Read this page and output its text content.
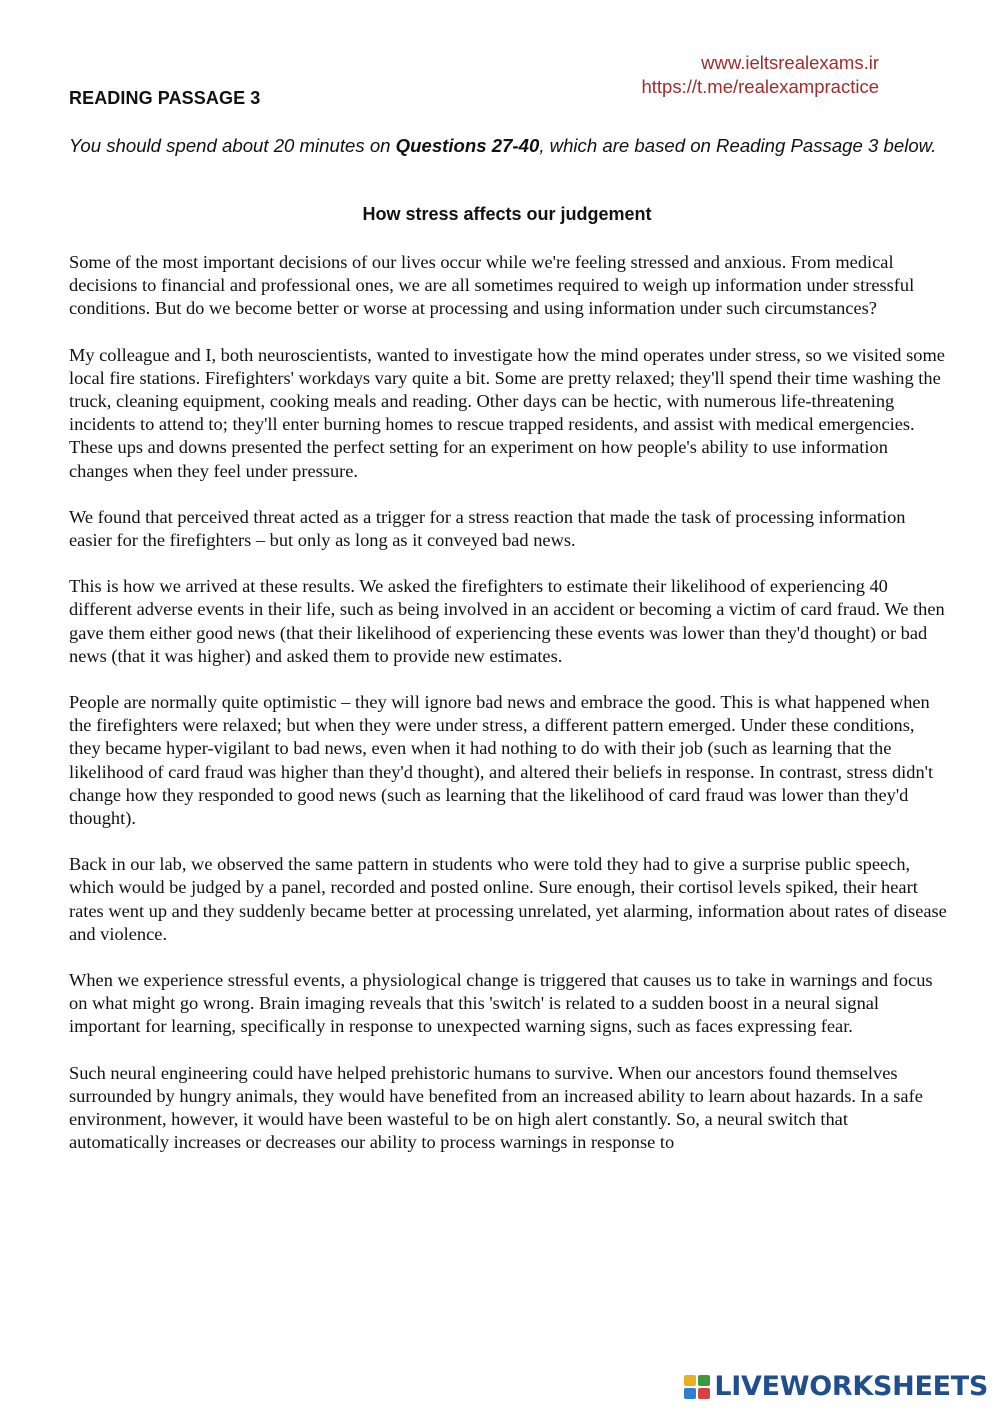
www.ieltsrealexams.ir
https://t.me/realexampractice
READING PASSAGE 3

You should spend about 20 minutes on Questions 27-40, which are based on Reading Passage 3 below.

How stress affects our judgement

Some of the most important decisions of our lives occur while we're feeling stressed and anxious. From medical decisions to financial and professional ones, we are all sometimes required to weigh up information under stressful conditions. But do we become better or worse at processing and using information under such circumstances?

My colleague and I, both neuroscientists, wanted to investigate how the mind operates under stress, so we visited some local fire stations. Firefighters' workdays vary quite a bit. Some are pretty relaxed; they'll spend their time washing the truck, cleaning equipment, cooking meals and reading. Other days can be hectic, with numerous life-threatening incidents to attend to; they'll enter burning homes to rescue trapped residents, and assist with medical emergencies. These ups and downs presented the perfect setting for an experiment on how people's ability to use information changes when they feel under pressure.

We found that perceived threat acted as a trigger for a stress reaction that made the task of processing information easier for the firefighters – but only as long as it conveyed bad news.

This is how we arrived at these results. We asked the firefighters to estimate their likelihood of experiencing 40 different adverse events in their life, such as being involved in an accident or becoming a victim of card fraud. We then gave them either good news (that their likelihood of experiencing these events was lower than they'd thought) or bad news (that it was higher) and asked them to provide new estimates.

People are normally quite optimistic – they will ignore bad news and embrace the good. This is what happened when the firefighters were relaxed; but when they were under stress, a different pattern emerged. Under these conditions, they became hyper-vigilant to bad news, even when it had nothing to do with their job (such as learning that the likelihood of card fraud was higher than they'd thought), and altered their beliefs in response. In contrast, stress didn't change how they responded to good news (such as learning that the likelihood of card fraud was lower than they'd thought).

Back in our lab, we observed the same pattern in students who were told they had to give a surprise public speech, which would be judged by a panel, recorded and posted online. Sure enough, their cortisol levels spiked, their heart rates went up and they suddenly became better at processing unrelated, yet alarming, information about rates of disease and violence.

When we experience stressful events, a physiological change is triggered that causes us to take in warnings and focus on what might go wrong. Brain imaging reveals that this 'switch' is related to a sudden boost in a neural signal important for learning, specifically in response to unexpected warning signs, such as faces expressing fear.

Such neural engineering could have helped prehistoric humans to survive. When our ancestors found themselves surrounded by hungry animals, they would have benefited from an increased ability to learn about hazards. In a safe environment, however, it would have been wasteful to be on high alert constantly. So, a neural switch that automatically increases or decreases our ability to process warnings in response to

LIVEWORKSHEETS
